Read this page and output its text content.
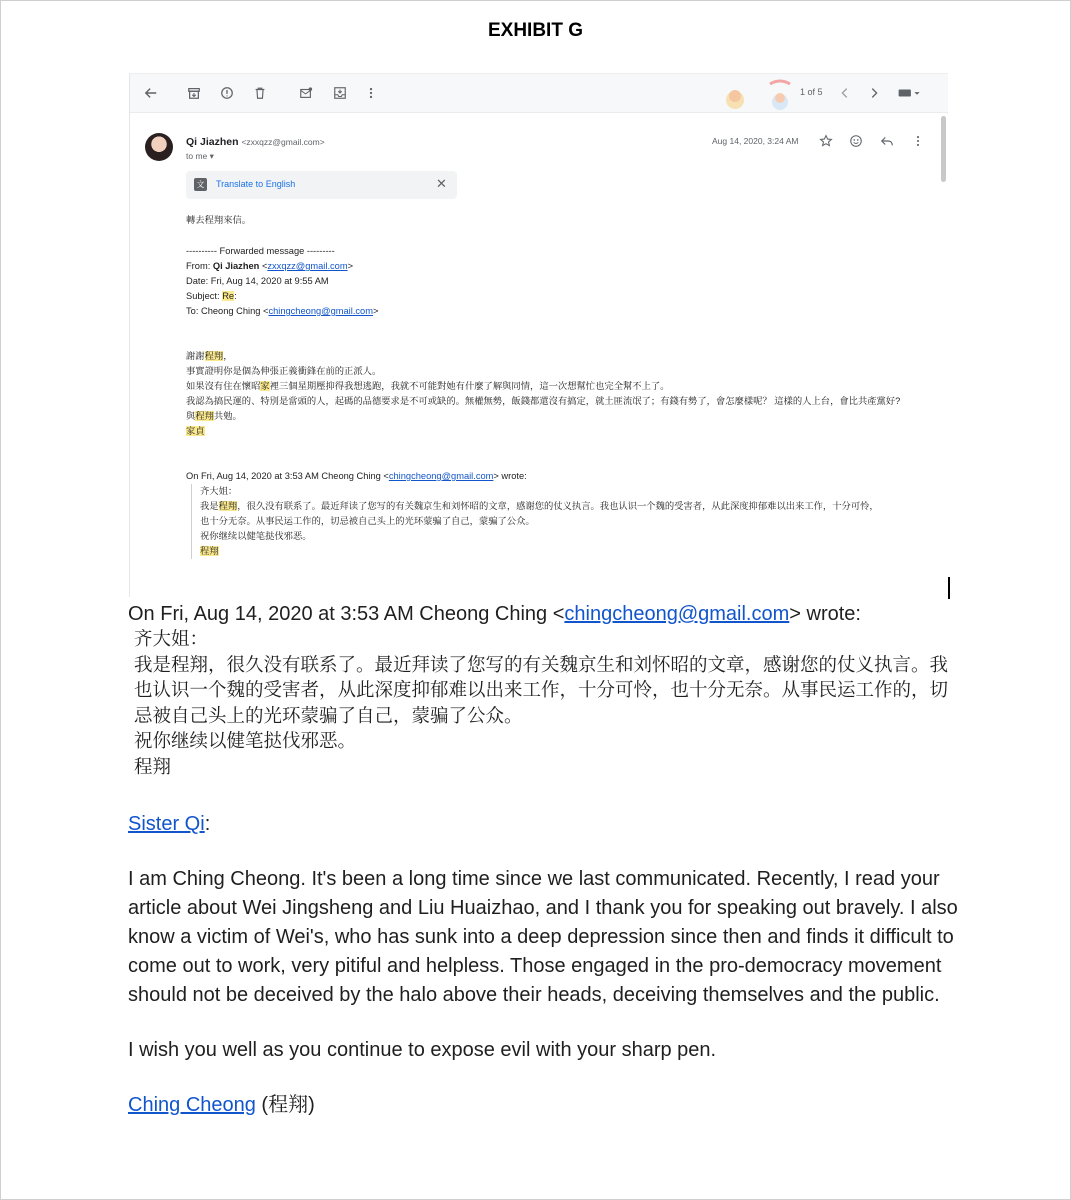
EXHIBIT G
1 of 5
Qi Jiazhen <zxxqzz@gmail.com>
to me ▾
Aug 14, 2020, 3:24 AM
文 Translate to English	✕

轉去程翔來信。

---------- Forwarded message ---------

From: Qi Jiazhen <zxxqzz@gmail.com>

Date: Fri, Aug 14, 2020 at 9:55 AM

Subject: Re:

To: Cheong Ching <chingcheong@gmail.com>

謝謝程翔，

事實證明你是個為伸張正義衝鋒在前的正派人。

如果沒有住在懷昭家裡三個星期壓抑得我想逃跑，我就不可能對她有什麼了解與同情，這一次想幫忙也完全幫不上了。

我認為搞民運的、特別是當頭的人，起碼的品德要求是不可或缺的。無權無勢，飯錢都還沒有搞定，就土匪流氓了；有錢有勢了，會怎麼樣呢？ 這樣的人上台，會比共產黨好?

與程翔共勉。

家貞

On Fri, Aug 14, 2020 at 3:53 AM Cheong Ching <chingcheong@gmail.com> wrote:

齐大姐：

我是程翔，很久没有联系了。最近拜读了您写的有关魏京生和刘怀昭的文章，感谢您的仗义执言。我也认识一个魏的受害者，从此深度抑郁难以出来工作，十分可怜，

也十分无奈。从事民运工作的，切忌被自己头上的光环蒙骗了自己，蒙骗了公众。

祝你继续以健笔挞伐邪恶。

程翔

On Fri, Aug 14, 2020 at 3:53 AM Cheong Ching <chingcheong@gmail.com> wrote:

齐大姐：

我是程翔，很久没有联系了。最近拜读了您写的有关魏京生和刘怀昭的文章，感谢您的仗义执言。我也认识一个魏的受害者，从此深度抑郁难以出来工作，十分可怜，也十分无奈。从事民运工作的，切忌被自己头上的光环蒙骗了自己，蒙骗了公众。

祝你继续以健笔挞伐邪恶。

程翔

Sister Qi:

I am Ching Cheong. It's been a long time since we last communicated. Recently, I read your article about Wei Jingsheng and Liu Huaizhao, and I thank you for speaking out bravely. I also know a victim of Wei's, who has sunk into a deep depression since then and finds it difficult to come out to work, very pitiful and helpless. Those engaged in the pro-democracy movement should not be deceived by the halo above their heads, deceiving themselves and the public.

I wish you well as you continue to expose evil with your sharp pen.

Ching Cheong (程翔)
